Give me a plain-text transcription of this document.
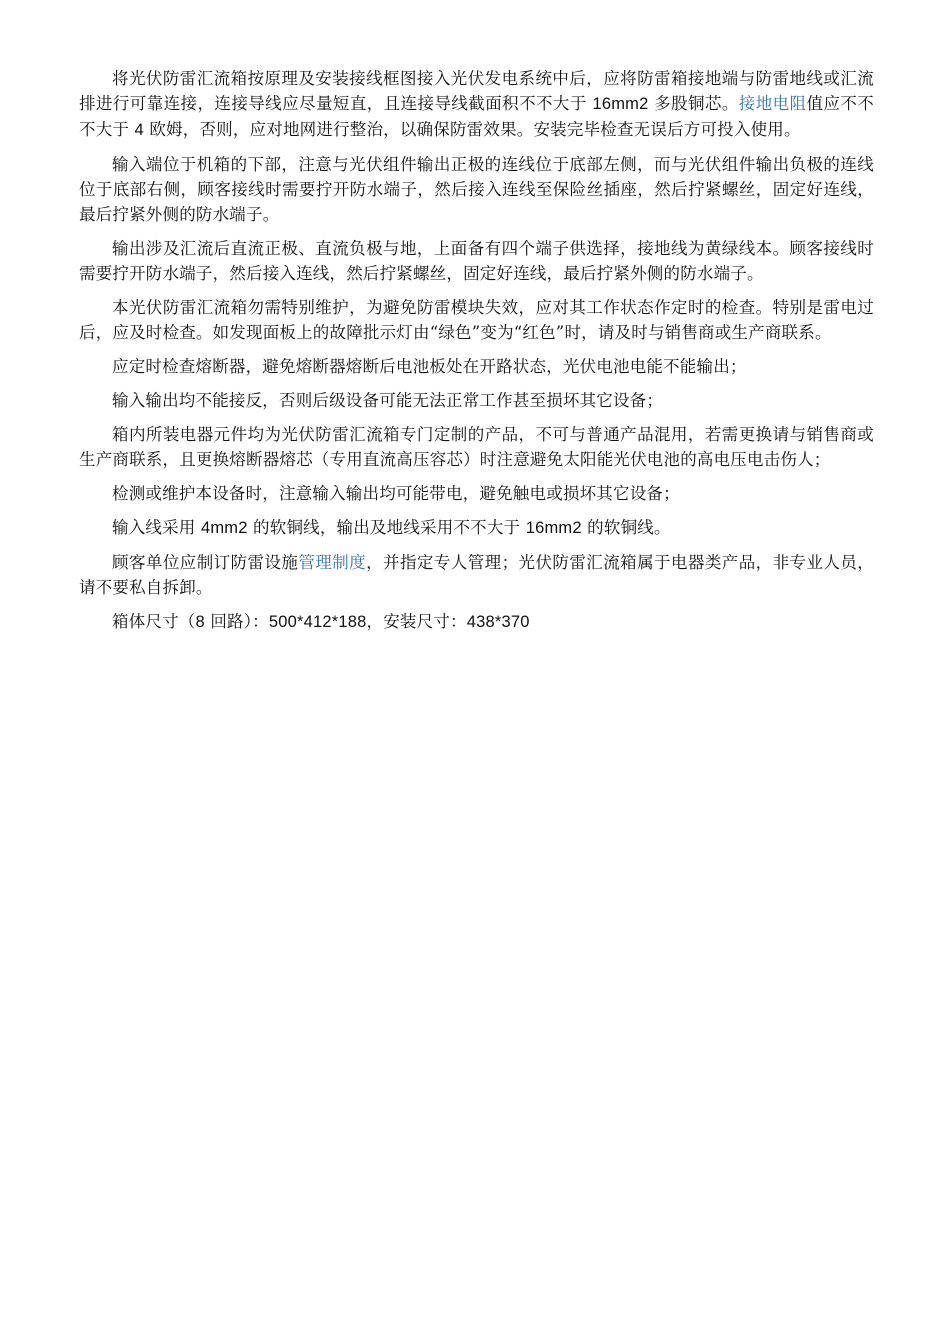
将光伏防雷汇流箱按原理及安装接线框图接入光伏发电系统中后，应将防雷箱接地端与防雷地线或汇流排进行可靠连接，连接导线应尽量短直，且连接导线截面积不不大于 16mm2 多股铜芯。接地电阻值应不不不大于 4 欧姆，否则，应对地网进行整治，以确保防雷效果。安装完毕检查无误后方可投入使用。

输入端位于机箱的下部，注意与光伏组件输出正极的连线位于底部左侧，而与光伏组件输出负极的连线位于底部右侧，顾客接线时需要拧开防水端子，然后接入连线至保险丝插座，然后拧紧螺丝，固定好连线，最后拧紧外侧的防水端子。

输出涉及汇流后直流正极、直流负极与地，上面备有四个端子供选择，接地线为黄绿线本。顾客接线时需要拧开防水端子，然后接入连线，然后拧紧螺丝，固定好连线，最后拧紧外侧的防水端子。

本光伏防雷汇流箱勿需特别维护，为避免防雷模块失效，应对其工作状态作定时的检查。特别是雷电过后，应及时检查。如发现面板上的故障批示灯由“绿色”变为“红色”时，请及时与销售商或生产商联系。

应定时检查熔断器，避免熔断器熔断后电池板处在开路状态，光伏电池电能不能输出；

输入输出均不能接反，否则后级设备可能无法正常工作甚至损坏其它设备；

箱内所装电器元件均为光伏防雷汇流箱专门定制的产品，不可与普通产品混用，若需更换请与销售商或生产商联系，且更换熔断器熔芯（专用直流高压容芯）时注意避免太阳能光伏电池的高电压电击伤人；

检测或维护本设备时，注意输入输出均可能带电，避免触电或损坏其它设备；

输入线采用 4mm2 的软铜线，输出及地线采用不不大于 16mm2 的软铜线。

顾客单位应制订防雷设施管理制度，并指定专人管理；光伏防雷汇流箱属于电器类产品，非专业人员，请不要私自拆卸。

箱体尺寸（8 回路）：500*412*188，安装尺寸：438*370
